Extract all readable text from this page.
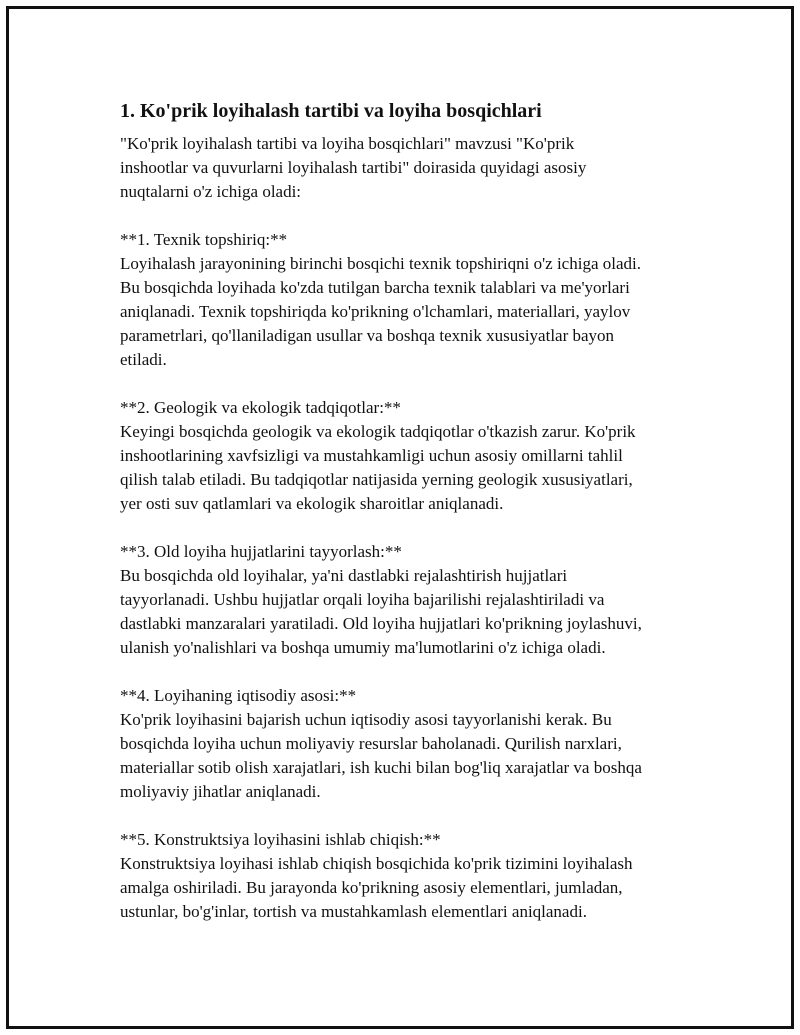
1. Ko'prik loyihalash tartibi va loyiha bosqichlari

"Ko'prik loyihalash tartibi va loyiha bosqichlari" mavzusi "Ko'prik
inshootlar va quvurlarni loyihalash tartibi" doirasida quyidagi asosiy
nuqtalarni o'z ichiga oladi:

**1. Texnik topshiriq:**

Loyihalash jarayonining birinchi bosqichi texnik topshiriqni o'z ichiga oladi.
Bu bosqichda loyihada ko'zda tutilgan barcha texnik talablari va me'yorlari
aniqlanadi. Texnik topshiriqda ko'prikning o'lchamlari, materiallari, yaylov
parametrlari, qo'llaniladigan usullar va boshqa texnik xususiyatlar bayon
etiladi.

**2. Geologik va ekologik tadqiqotlar:**

Keyingi bosqichda geologik va ekologik tadqiqotlar o'tkazish zarur. Ko'prik
inshootlarining xavfsizligi va mustahkamligi uchun asosiy omillarni tahlil
qilish talab etiladi. Bu tadqiqotlar natijasida yerning geologik xususiyatlari,
yer osti suv qatlamlari va ekologik sharoitlar aniqlanadi.

**3. Old loyiha hujjatlarini tayyorlash:**

Bu bosqichda old loyihalar, ya'ni dastlabki rejalashtirish hujjatlari
tayyorlanadi. Ushbu hujjatlar orqali loyiha bajarilishi rejalashtiriladi va
dastlabki manzaralari yaratiladi. Old loyiha hujjatlari ko'prikning joylashuvi,
ulanish yo'nalishlari va boshqa umumiy ma'lumotlarini o'z ichiga oladi.

**4. Loyihaning iqtisodiy asosi:**

Ko'prik loyihasini bajarish uchun iqtisodiy asosi tayyorlanishi kerak. Bu
bosqichda loyiha uchun moliyaviy resurslar baholanadi. Qurilish narxlari,
materiallar sotib olish xarajatlari, ish kuchi bilan bog'liq xarajatlar va boshqa
moliyaviy jihatlar aniqlanadi.

**5. Konstruktsiya loyihasini ishlab chiqish:**

Konstruktsiya loyihasi ishlab chiqish bosqichida ko'prik tizimini loyihalash
amalga oshiriladi. Bu jarayonda ko'prikning asosiy elementlari, jumladan,
ustunlar, bo'g'inlar, tortish va mustahkamlash elementlari aniqlanadi.
